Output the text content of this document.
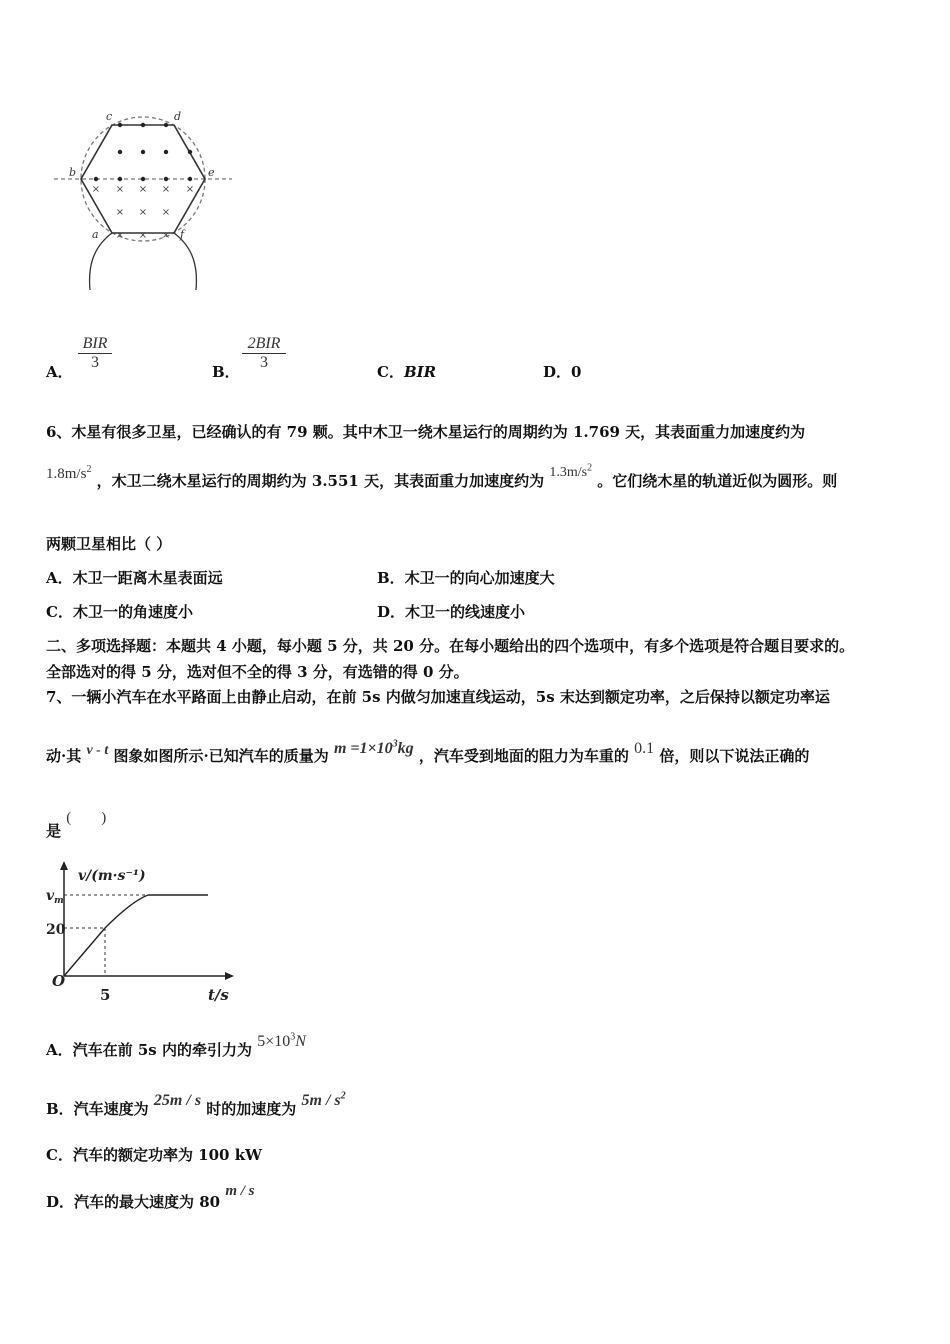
× × × × ×
× × ×
× × ×
c	d
b	e
a	f
A．
BIR
3
B．
2BIR
3
C．BIR	D．0
6、木星有很多卫星，已经确认的有 79 颗。其中木卫一绕木星运行的周期约为 1.769 天，其表面重力加速度约为
$1.8m/s^2$ ，木卫二绕木星运行的周期约为 3.551 天，其表面重力加速度约为 $1.3m/s^2$ 。它们绕木星的轨道近似为圆形。则
两颗卫星相比（ ）
A．木卫一距离木星表面远	B．木卫一的向心加速度大
C．木卫一的角速度小	D．木卫一的线速度小
二、多项选择题：本题共 4 小题，每小题 5 分，共 20 分。在每小题给出的四个选项中，有多个选项是符合题目要求的。
全部选对的得 5 分，选对但不全的得 3 分，有选错的得 0 分。
7、一辆小汽车在水平路面上由静止启动，在前 5s 内做匀加速直线运动，5s 末达到额定功率，之后保持以额定功率运
动·其 v - t 图象如图所示·已知汽车的质量为 $m =1\times 10^3kg$ ，汽车受到地面的阻力为车重的 0.1 倍，则以下说法正确的
是 (        )
v/(m·s⁻¹)
$v_m$
20
O
5	t/s
A．汽车在前 5s 内的牵引力为 $5\times 10^3N$
B．汽车速度为 25m / s 时的加速度为 $5m / s^2$
C．汽车的额定功率为 100 kW
D．汽车的最大速度为 80 m / s
